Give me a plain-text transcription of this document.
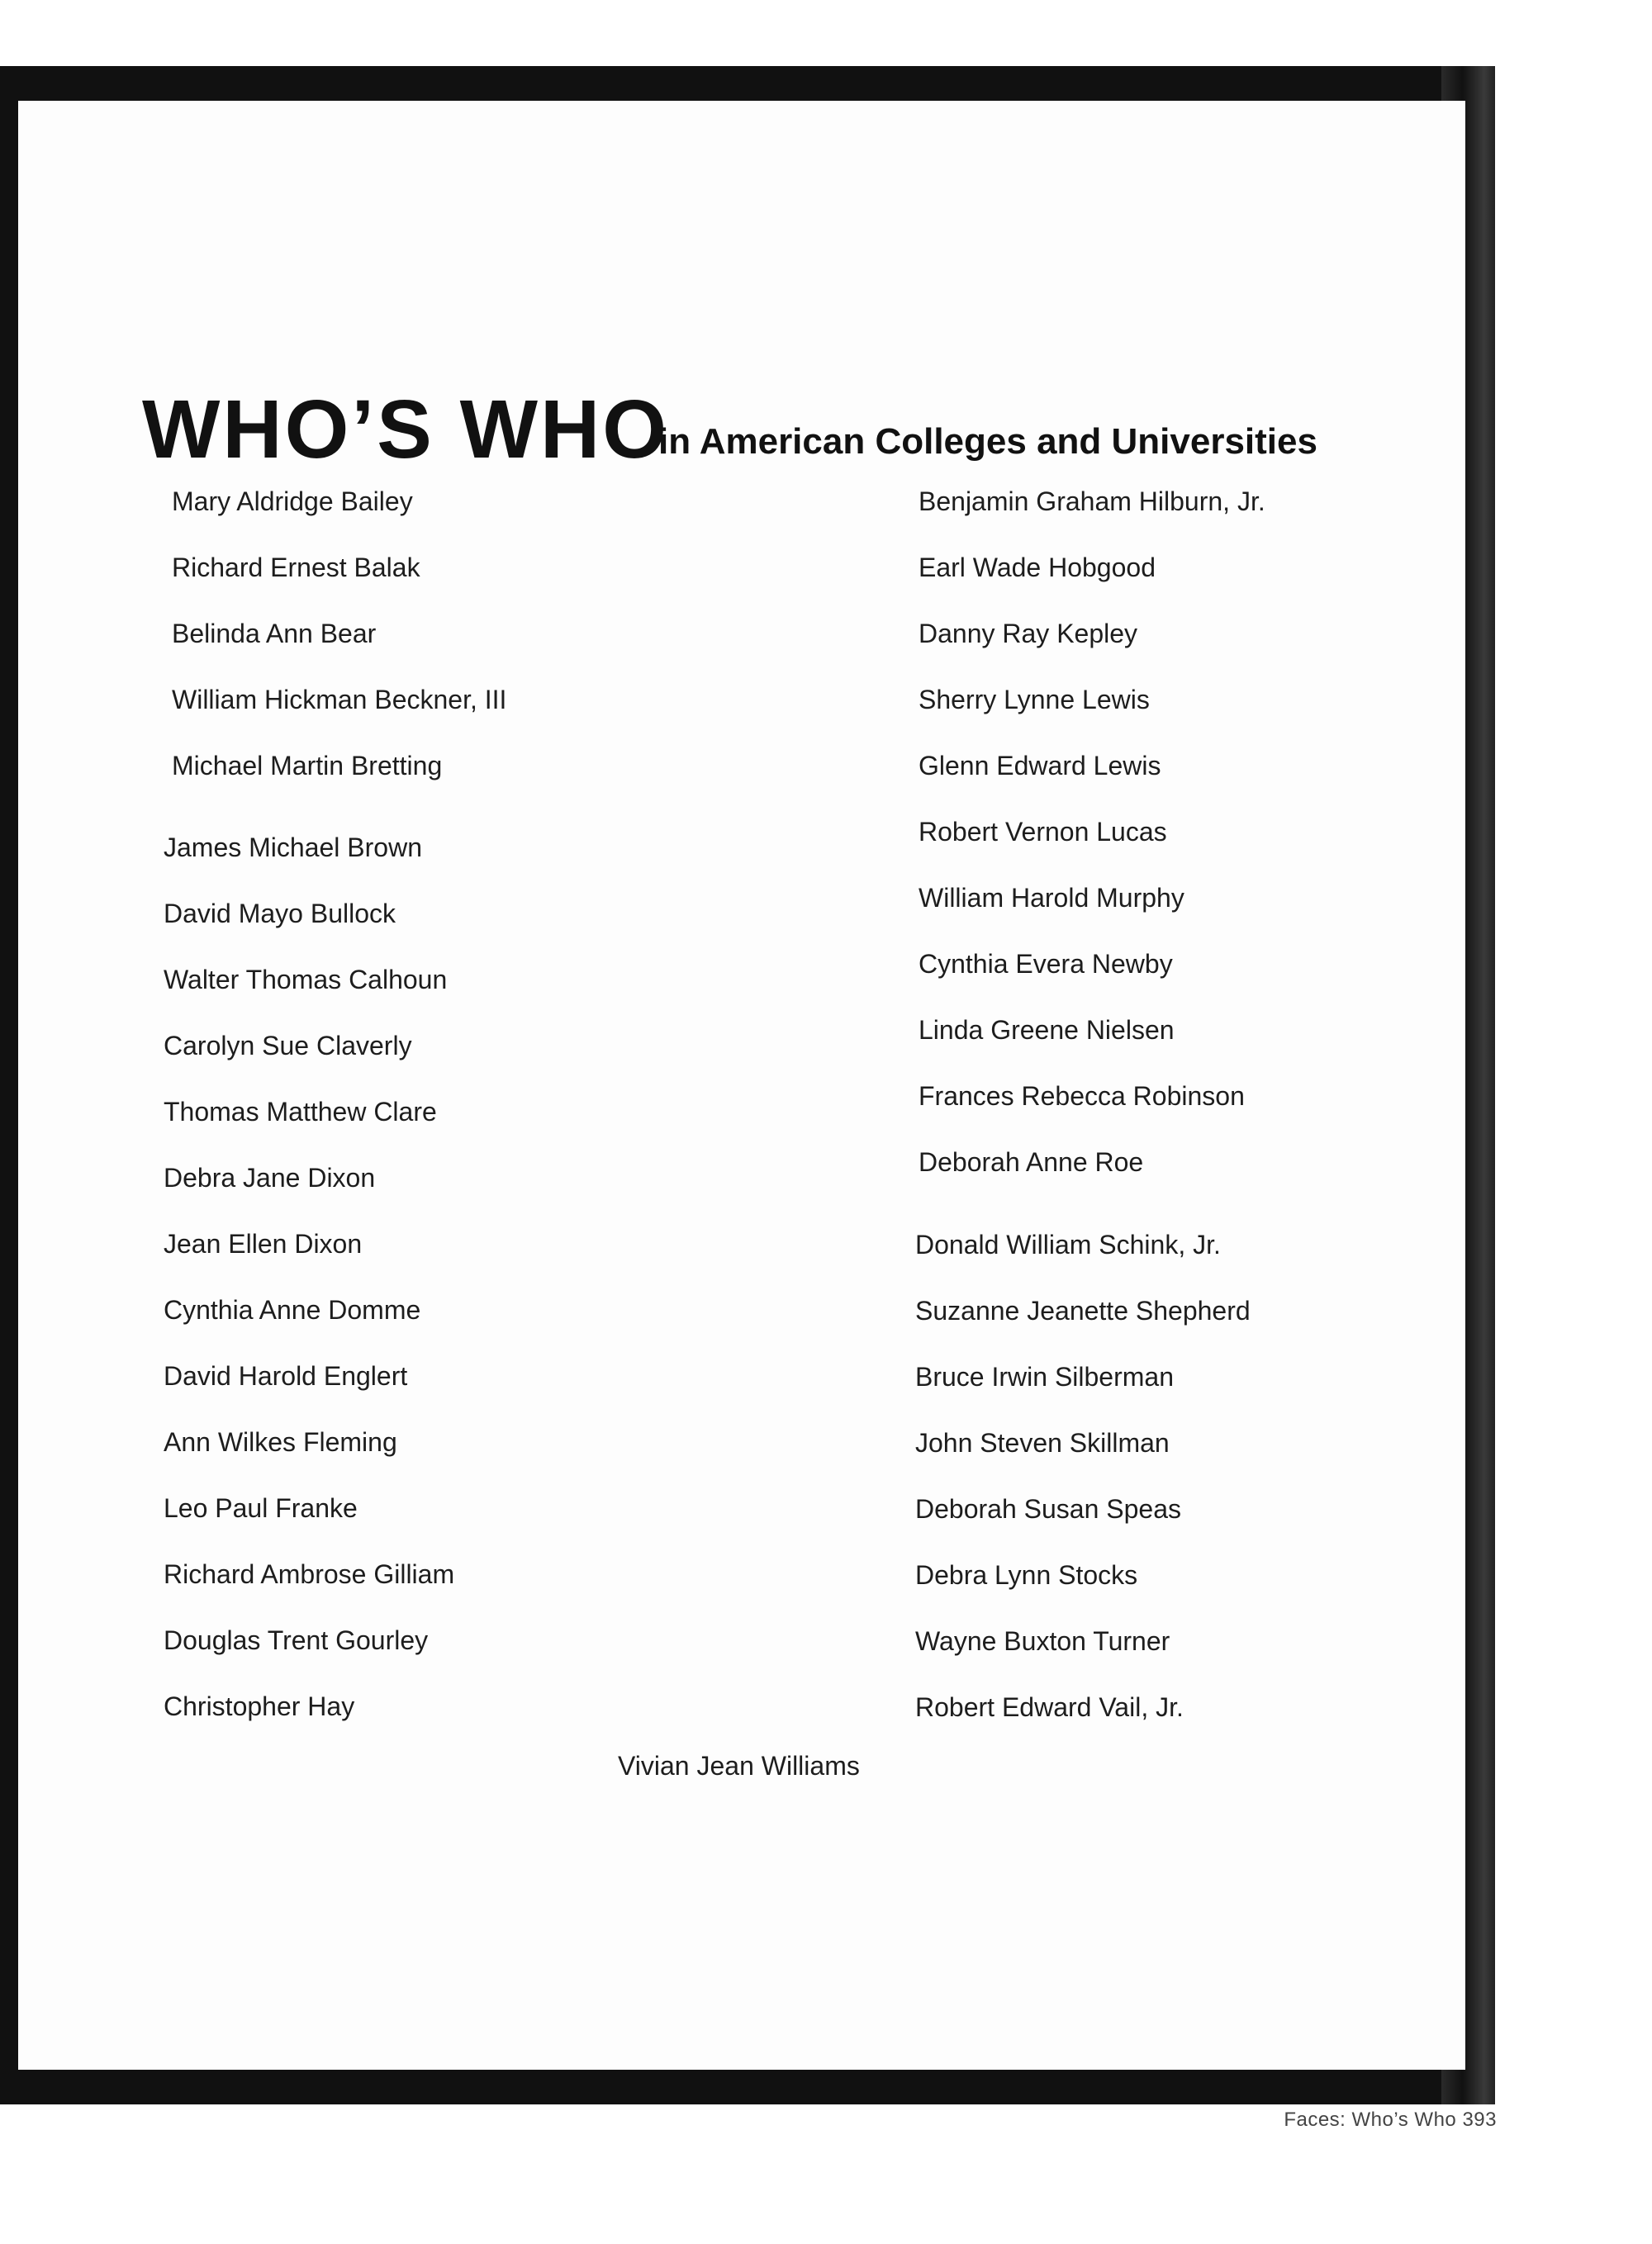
WHO’S WHO
in American Colleges and Universities
Mary Aldridge Bailey
Richard Ernest Balak
Belinda Ann Bear
William Hickman Beckner, III
Michael Martin Bretting
James Michael Brown
David Mayo Bullock
Walter Thomas Calhoun
Carolyn Sue Claverly
Thomas Matthew Clare
Debra Jane Dixon
Jean Ellen Dixon
Cynthia Anne Domme
David Harold Englert
Ann Wilkes Fleming
Leo Paul Franke
Richard Ambrose Gilliam
Douglas Trent Gourley
Christopher Hay
Benjamin Graham Hilburn, Jr.
Earl Wade Hobgood
Danny Ray Kepley
Sherry Lynne Lewis
Glenn Edward Lewis
Robert Vernon Lucas
William Harold Murphy
Cynthia Evera Newby
Linda Greene Nielsen
Frances Rebecca Robinson
Deborah Anne Roe
Donald William Schink, Jr.
Suzanne Jeanette Shepherd
Bruce Irwin Silberman
John Steven Skillman
Deborah Susan Speas
Debra Lynn Stocks
Wayne Buxton Turner
Robert Edward Vail, Jr.
Vivian Jean Williams
Faces: Who’s Who 393
